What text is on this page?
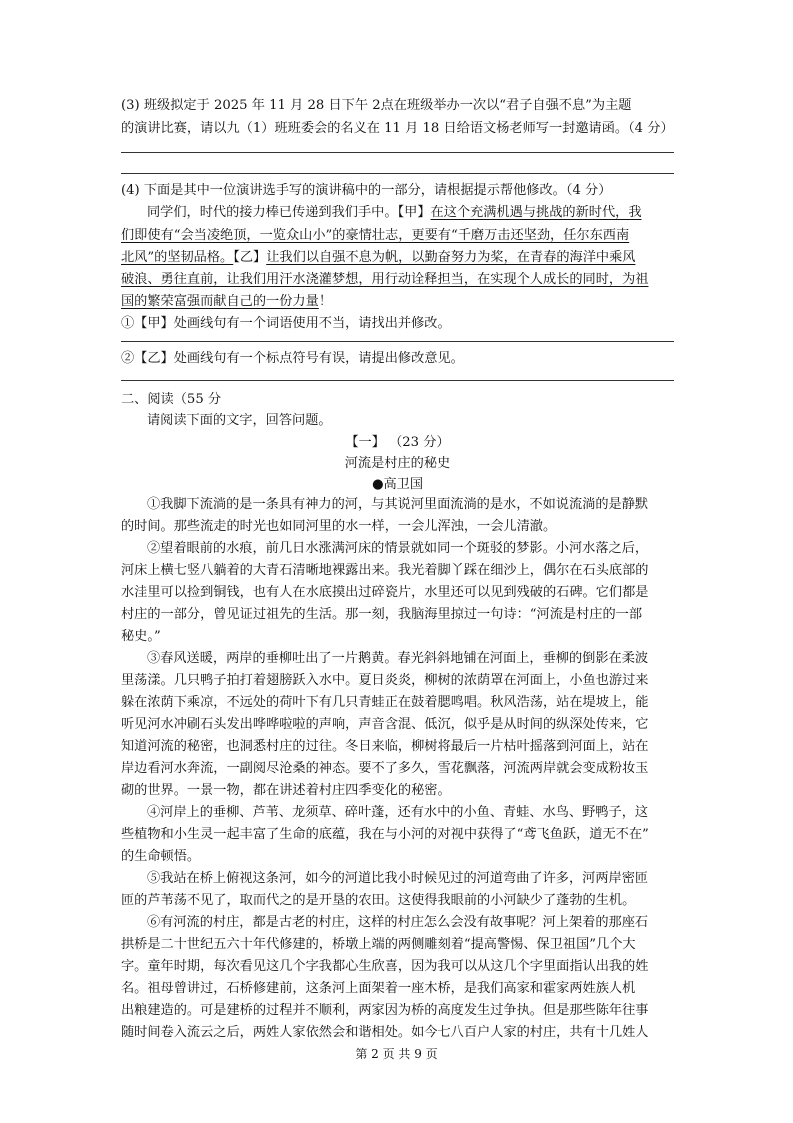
(3) 班级拟定于 2025 年 11 月 28 日下午 2点在班级举办一次以“君子自强不息”为主题
的演讲比赛，请以九（1）班班委会的名义在 11 月 18 日给语文杨老师写一封邀请函。（4 分）
(4) 下面是其中一位演讲选手写的演讲稿中的一部分，请根据提示帮他修改。（4 分）
同学们，时代的接力棒已传递到我们手中。【甲】在这个充满机遇与挑战的新时代，我
们即使有“会当凌绝顶，一览众山小”的豪情壮志，更要有“千磨万击还坚劲，任尔东西南
北风”的坚韧品格。【乙】让我们以自强不息为帆，以勤奋努力为桨，在青春的海洋中乘风
破浪、勇往直前，让我们用汗水浇灌梦想，用行动诠释担当，在实现个人成长的同时，为祖
国的繁荣富强而献自己的一份力量！
①【甲】处画线句有一个词语使用不当，请找出并修改。
②【乙】处画线句有一个标点符号有误，请提出修改意见。
二、阅读（55 分
请阅读下面的文字，回答问题。
【一】 （23 分）
河流是村庄的秘史
●高卫国
①我脚下流淌的是一条具有神力的河，与其说河里面流淌的是水，不如说流淌的是静默
的时间。那些流走的时光也如同河里的水一样，一会儿浑浊，一会儿清澈。
②望着眼前的水痕，前几日水涨满河床的情景就如同一个斑驳的梦影。小河水落之后，
河床上横七竖八躺着的大青石清晰地裸露出来。我光着脚丫踩在细沙上，偶尔在石头底部的
水洼里可以捡到铜钱，也有人在水底摸出过碎瓷片，水里还可以见到残破的石碑。它们都是
村庄的一部分，曾见证过祖先的生活。那一刻，我脑海里掠过一句诗：“河流是村庄的一部
秘史。”
③春风送暖，两岸的垂柳吐出了一片鹅黄。春光斜斜地铺在河面上，垂柳的倒影在柔波
里荡漾。几只鸭子拍打着翅膀跃入水中。夏日炎炎，柳树的浓荫罩在河面上，小鱼也游过来
躲在浓荫下乘凉，不远处的荷叶下有几只青蛙正在鼓着腮鸣唱。秋风浩荡，站在堤坡上，能
听见河水冲刷石头发出哗哗啦啦的声响，声音含混、低沉，似乎是从时间的纵深处传来，它
知道河流的秘密，也洞悉村庄的过往。冬日来临，柳树将最后一片枯叶摇落到河面上，站在
岸边看河水奔流，一副阅尽沧桑的神态。要不了多久，雪花飘落，河流两岸就会变成粉妆玉
砌的世界。一景一物，都在讲述着村庄四季变化的秘密。
④河岸上的垂柳、芦苇、龙须草、碎叶蓬，还有水中的小鱼、青蛙、水鸟、野鸭子，这
些植物和小生灵一起丰富了生命的底蕴，我在与小河的对视中获得了“鸢飞鱼跃，道无不在”
的生命顿悟。
⑤我站在桥上俯视这条河，如今的河道比我小时候见过的河道弯曲了许多，河两岸密匝
匝的芦苇荡不见了，取而代之的是开垦的农田。这使得我眼前的小河缺少了蓬勃的生机。
⑥有河流的村庄，都是古老的村庄，这样的村庄怎么会没有故事呢？河上架着的那座石
拱桥是二十世纪五六十年代修建的，桥墩上端的两侧雕刻着“提高警惕、保卫祖国”几个大
字。童年时期，每次看见这几个字我都心生欣喜，因为我可以从这几个字里面指认出我的姓
名。祖母曾讲过，石桥修建前，这条河上面架着一座木桥，是我们高家和霍家两姓族人机
出粮建造的。可是建桥的过程并不顺利，两家因为桥的高度发生过争执。但是那些陈年往事
随时间卷入流云之后，两姓人家依然会和谐相处。如今七八百户人家的村庄，共有十几姓人
第 2 页 共 9 页
